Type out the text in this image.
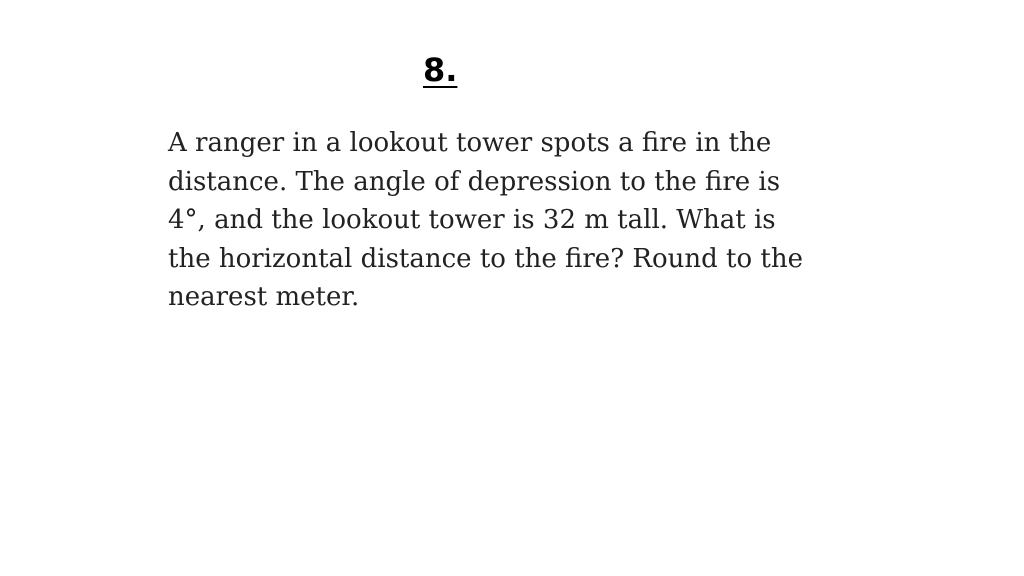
8.

A ranger in a lookout tower spots a fire in the
distance. The angle of depression to the fire is
4°, and the lookout tower is 32 m tall. What is
the horizontal distance to the fire? Round to the
nearest meter.
